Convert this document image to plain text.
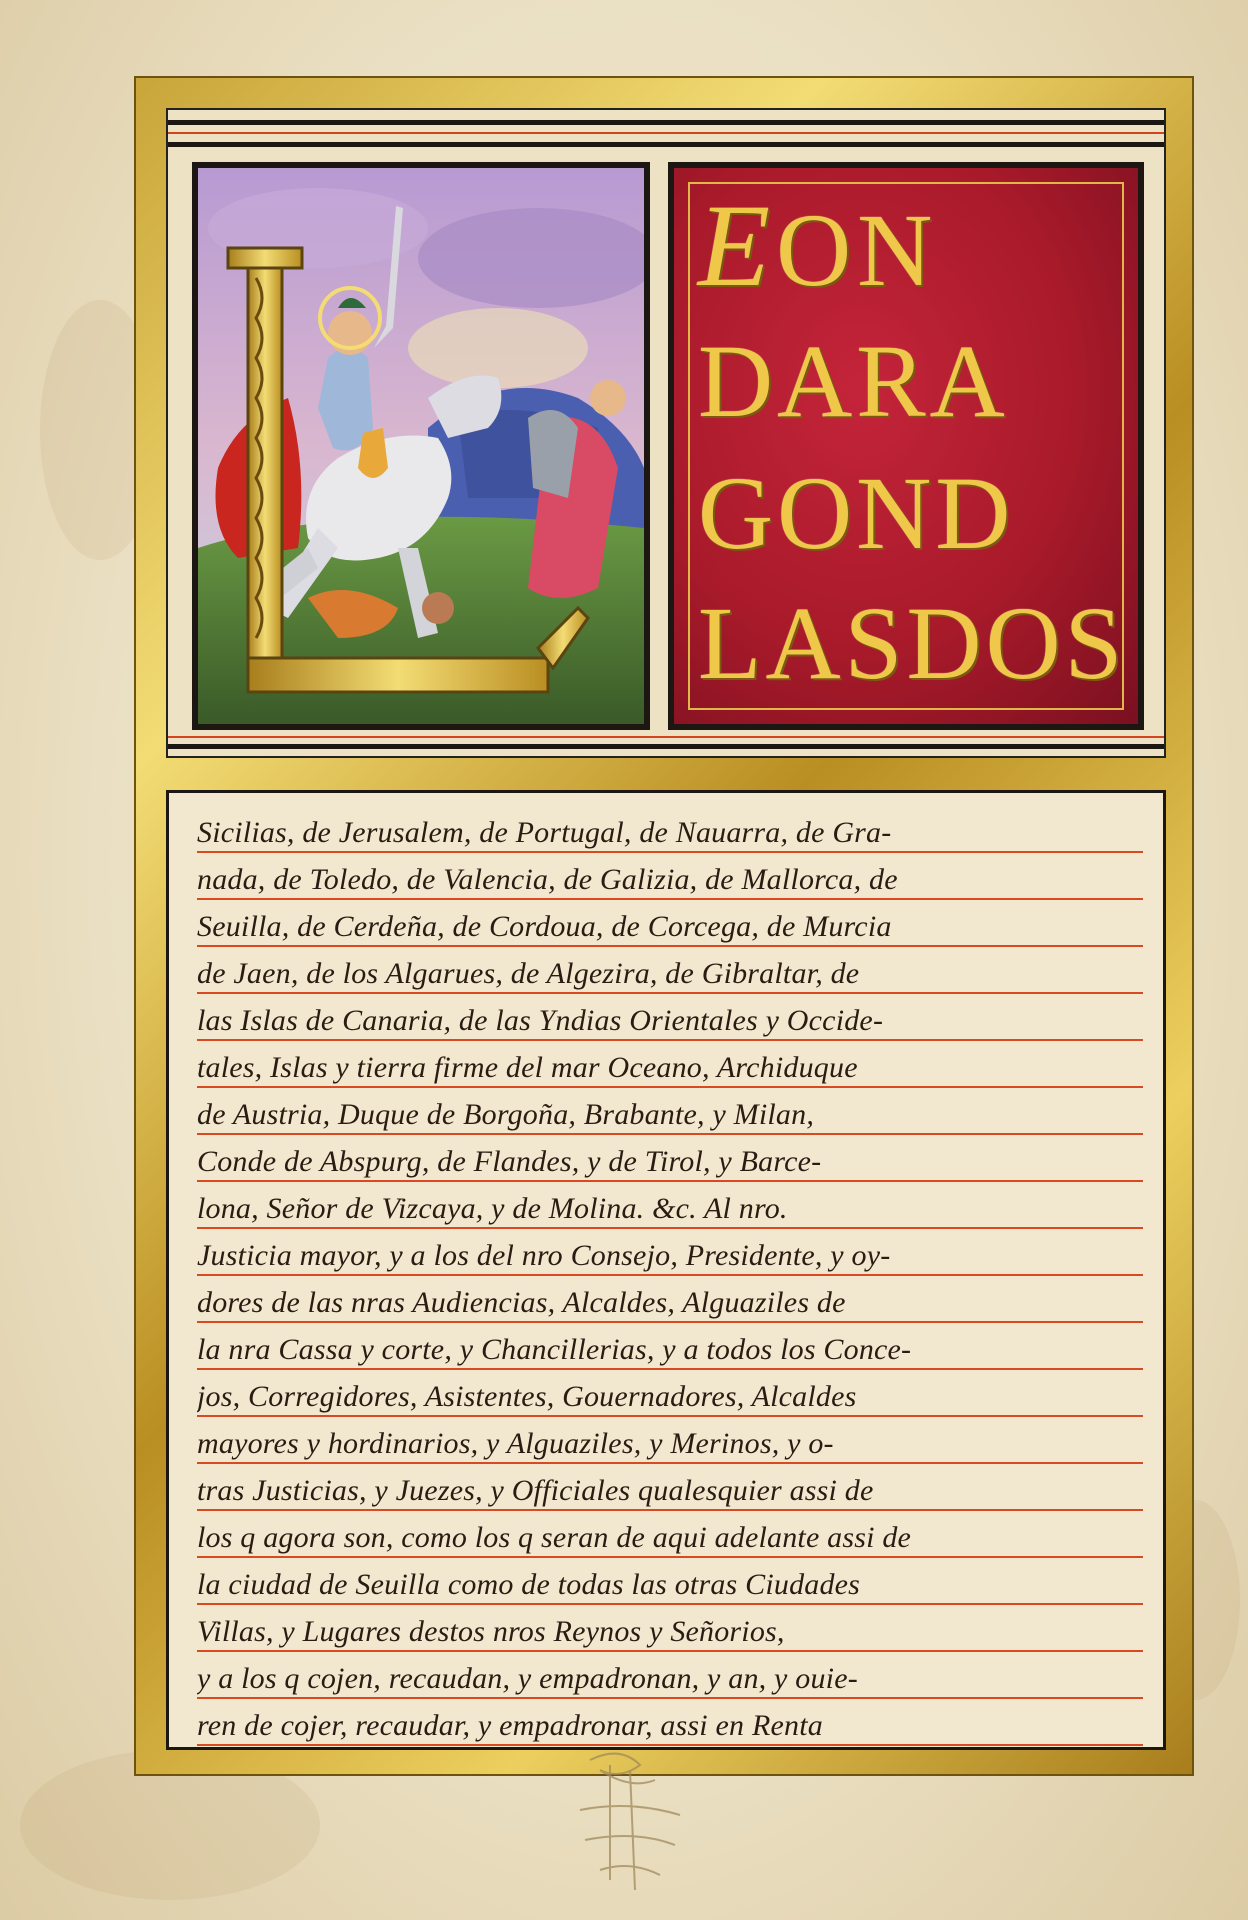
EON
DARA
GOND
LASDOS
Sicilias, de Jerusalem, de Portugal, de Nauarra, de Gra-
nada, de Toledo, de Valencia, de Galizia, de Mallorca, de
Seuilla, de Cerdeña, de Cordoua, de Corcega, de Murcia
de Jaen, de los Algarues, de Algezira, de Gibraltar, de
las Islas de Canaria, de las Yndias Orientales y Occide-
tales, Islas y tierra firme del mar Oceano, Archiduque
de Austria, Duque de Borgoña, Brabante, y Milan,
Conde de Abspurg, de Flandes, y de Tirol, y Barce-
lona, Señor de Vizcaya, y de Molina. &c. Al nro.
Justicia mayor, y a los del nro Consejo, Presidente, y oy-
dores de las nras Audiencias, Alcaldes, Alguaziles de
la nra Cassa y corte, y Chancillerias, y a todos los Conce-
jos, Corregidores, Asistentes, Gouernadores, Alcaldes
mayores y hordinarios, y Alguaziles, y Merinos, y o-
tras Justicias, y Juezes, y Officiales qualesquier assi de
los q agora son, como los q seran de aqui adelante assi de
la ciudad de Seuilla como de todas las otras Ciudades
Villas, y Lugares destos nros Reynos y Señorios,
y a los q cojen, recaudan, y empadronan, y an, y ouie-
ren de cojer, recaudar, y empadronar, assi en Renta
